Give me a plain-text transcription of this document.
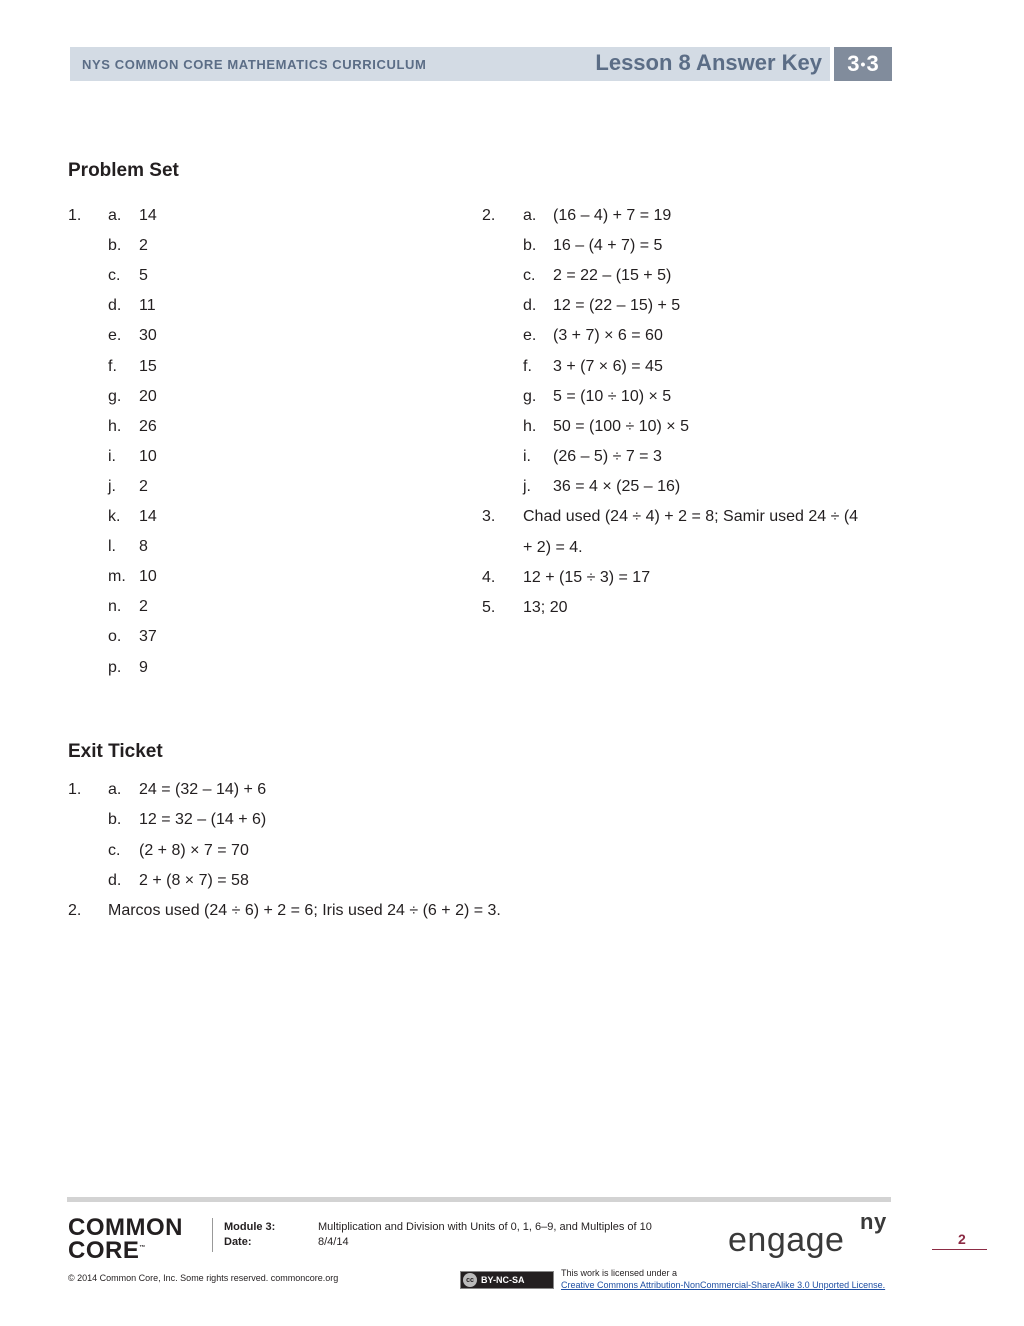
NYS COMMON CORE MATHEMATICS CURRICULUM	Lesson 8 Answer Key 3 • 3
Problem Set
1. a. 14
b. 2
c. 5
d. 11
e. 30
f. 15
g. 20
h. 26
i. 10
j. 2
k. 14
l. 8
m. 10
n. 2
o. 37
p. 9
2. a. (16 – 4) + 7 = 19
b. 16 – (4 + 7) = 5
c. 2 = 22 – (15 + 5)
d. 12 = (22 – 15) + 5
e. (3 + 7) × 6 = 60
f. 3 + (7 × 6) = 45
g. 5 = (10 ÷ 10) × 5
h. 50 = (100 ÷ 10) × 5
i. (26 – 5) ÷ 7 = 3
j. 36 = 4 × (25 – 16)
3. Chad used (24 ÷ 4) + 2 = 8; Samir used 24 ÷ (4
+ 2) = 4.
4. 12 + (15 ÷ 3) = 17
5. 13; 20
Exit Ticket
1. a. 24 = (32 – 14) + 6
b. 12 = 32 – (14 + 6)
c. (2 + 8) × 7 = 70
d. 2 + (8 × 7) = 58
2. Marcos used (24 ÷ 6) + 2 = 6; Iris used 24 ÷ (6 + 2) = 3.
COMMON
CORE™
Module 3:	Multiplication and Division with Units of 0, 1, 6–9, and Multiples of 10
Date:	8/4/14	engage ny
2
© 2014 Common Core, Inc. Some rights reserved. commoncore.org	cc BY-NC-SA
This work is licensed under a
Creative Commons Attribution-NonCommercial-ShareAlike 3.0 Unported License.
